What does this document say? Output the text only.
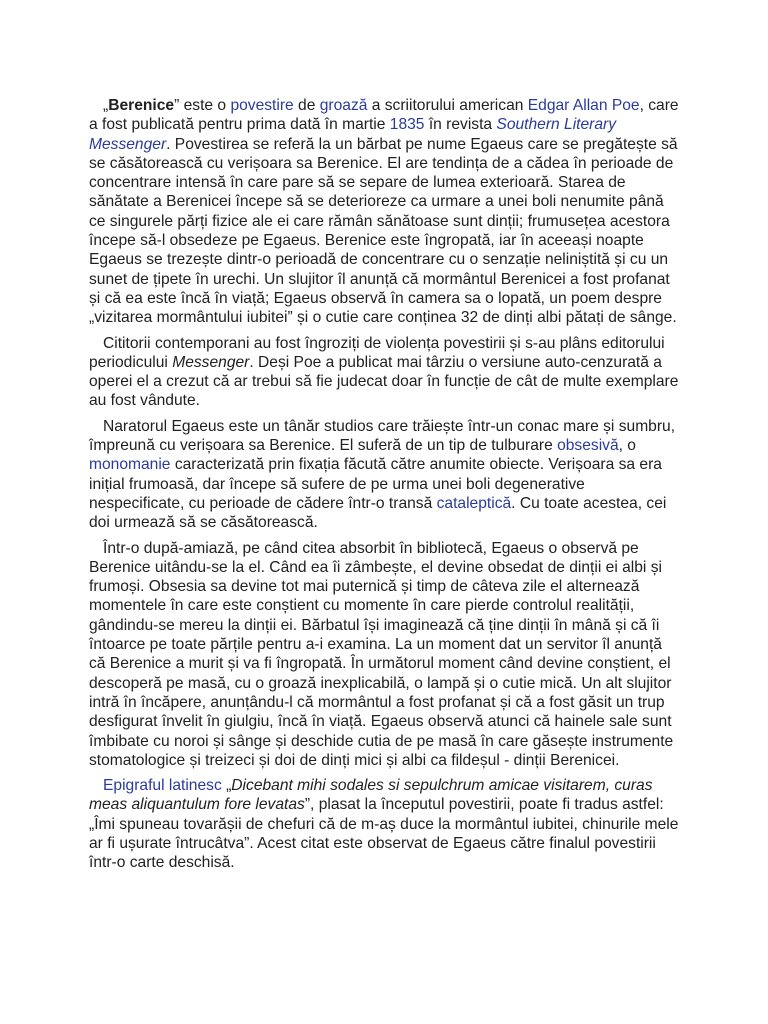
„Berenice” este o povestire de groază a scriitorului american Edgar Allan Poe, care a fost publicată pentru prima dată în martie 1835 în revista Southern Literary Messenger. Povestirea se referă la un bărbat pe nume Egaeus care se pregătește să se căsătorească cu verișoara sa Berenice. El are tendința de a cădea în perioade de concentrare intensă în care pare să se separe de lumea exterioară. Starea de sănătate a Berenicei începe să se deterioreze ca urmare a unei boli nenumite până ce singurele părți fizice ale ei care rămân sănătoase sunt dinții; frumusețea acestora începe să-l obsedeze pe Egaeus. Berenice este îngropată, iar în aceeași noapte Egaeus se trezește dintr-o perioadă de concentrare cu o senzație neliniștită și cu un sunet de țipete în urechi. Un slujitor îl anunță că mormântul Berenicei a fost profanat și că ea este încă în viață; Egaeus observă în camera sa o lopată, un poem despre „vizitarea mormântului iubitei” și o cutie care conținea 32 de dinți albi pătați de sânge.

Cititorii contemporani au fost îngroziți de violența povestirii și s-au plâns editorului periodicului Messenger. Deși Poe a publicat mai târziu o versiune auto-cenzurată a operei el a crezut că ar trebui să fie judecat doar în funcție de cât de multe exemplare au fost vândute.

Naratorul Egaeus este un tânăr studios care trăiește într-un conac mare și sumbru, împreună cu verișoara sa Berenice. El suferă de un tip de tulburare obsesivă, o monomanie caracterizată prin fixația făcută către anumite obiecte. Verișoara sa era inițial frumoasă, dar începe să sufere de pe urma unei boli degenerative nespecificate, cu perioade de cădere într-o transă cataleptică. Cu toate acestea, cei doi urmează să se căsătorească.

Într-o după-amiază, pe când citea absorbit în bibliotecă, Egaeus o observă pe Berenice uitându-se la el. Când ea îi zâmbește, el devine obsedat de dinții ei albi și frumoși. Obsesia sa devine tot mai puternică și timp de câteva zile el alternează momentele în care este conștient cu momente în care pierde controlul realității, gândindu-se mereu la dinții ei. Bărbatul își imaginează că ține dinții în mână și că îi întoarce pe toate părțile pentru a-i examina. La un moment dat un servitor îl anunță că Berenice a murit și va fi îngropată. În următorul moment când devine conștient, el descoperă pe masă, cu o groază inexplicabilă, o lampă și o cutie mică. Un alt slujitor intră în încăpere, anunțându-l că mormântul a fost profanat și că a fost găsit un trup desfigurat învelit în giulgiu, încă în viață. Egaeus observă atunci că hainele sale sunt îmbibate cu noroi și sânge și deschide cutia de pe masă în care găsește instrumente stomatologice și treizeci și doi de dinți mici și albi ca fildeșul - dinții Berenicei.

Epigraful latinesc „Dicebant mihi sodales si sepulchrum amicae visitarem, curas meas aliquantulum fore levatas”, plasat la începutul povestirii, poate fi tradus astfel: „Îmi spuneau tovarășii de chefuri că de m-aș duce la mormântul iubitei, chinurile mele ar fi ușurate întrucâtva”. Acest citat este observat de Egaeus către finalul povestirii într-o carte deschisă.
